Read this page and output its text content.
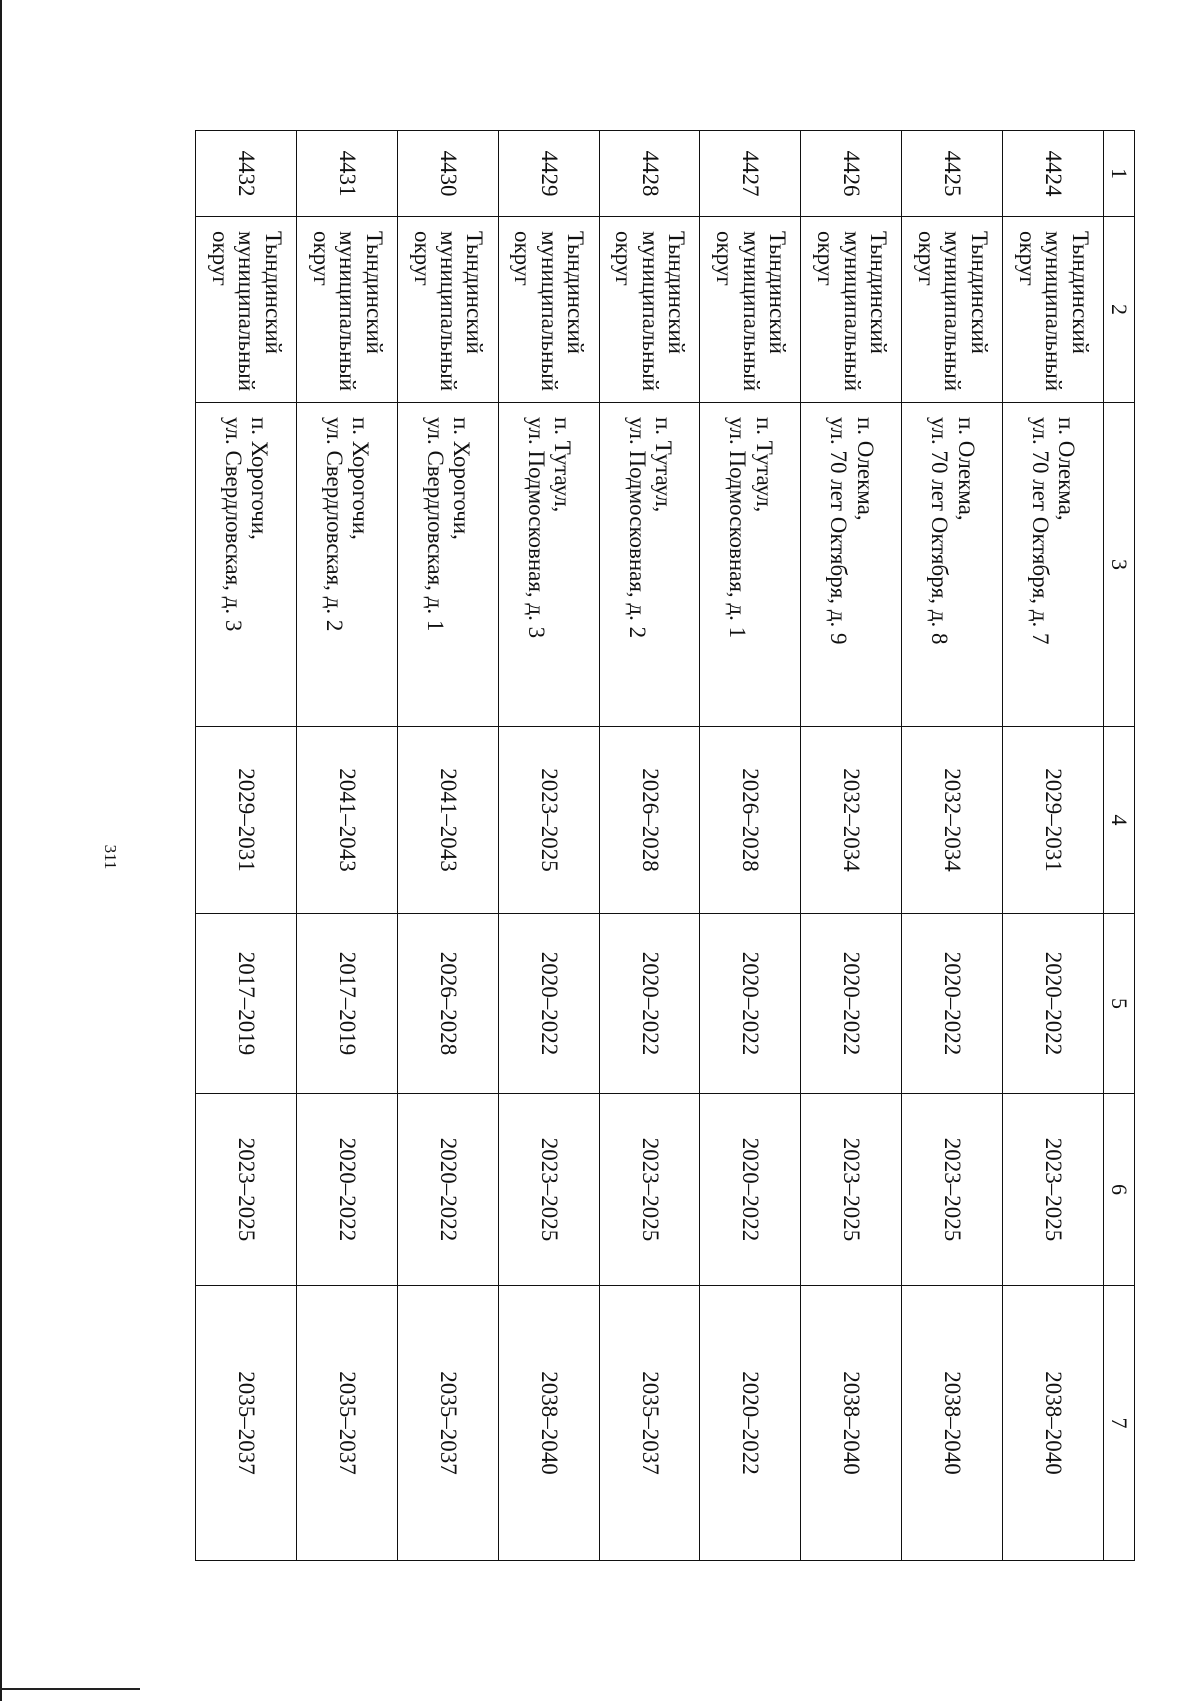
311
1	2	3	4	5	6	7
4424	Тындинский
муниципальный
округ	п. Олекма,
ул. 70 лет Октября, д. 7	2029–2031	2020–2022	2023–2025	2038–2040
4425	Тындинский
муниципальный
округ	п. Олекма,
ул. 70 лет Октября, д. 8	2032–2034	2020–2022	2023–2025	2038–2040
4426	Тындинский
муниципальный
округ	п. Олекма,
ул. 70 лет Октября, д. 9	2032–2034	2020–2022	2023–2025	2038–2040
4427	Тындинский
муниципальный
округ	п. Тутаул,
ул. Подмосковная, д. 1	2026–2028	2020–2022	2020–2022	2020–2022
4428	Тындинский
муниципальный
округ	п. Тутаул,
ул. Подмосковная, д. 2	2026–2028	2020–2022	2023–2025	2035–2037
4429	Тындинский
муниципальный
округ	п. Тутаул,
ул. Подмосковная, д. 3	2023–2025	2020–2022	2023–2025	2038–2040
4430	Тындинский
муниципальный
округ	п. Хорогочи,
ул. Свердловская, д. 1	2041–2043	2026–2028	2020–2022	2035–2037
4431	Тындинский
муниципальный
округ	п. Хорогочи,
ул. Свердловская, д. 2	2041–2043	2017–2019	2020–2022	2035–2037
4432	Тындинский
муниципальный
округ	п. Хорогочи,
ул. Свердловская, д. 3	2029–2031	2017–2019	2023–2025	2035–2037
